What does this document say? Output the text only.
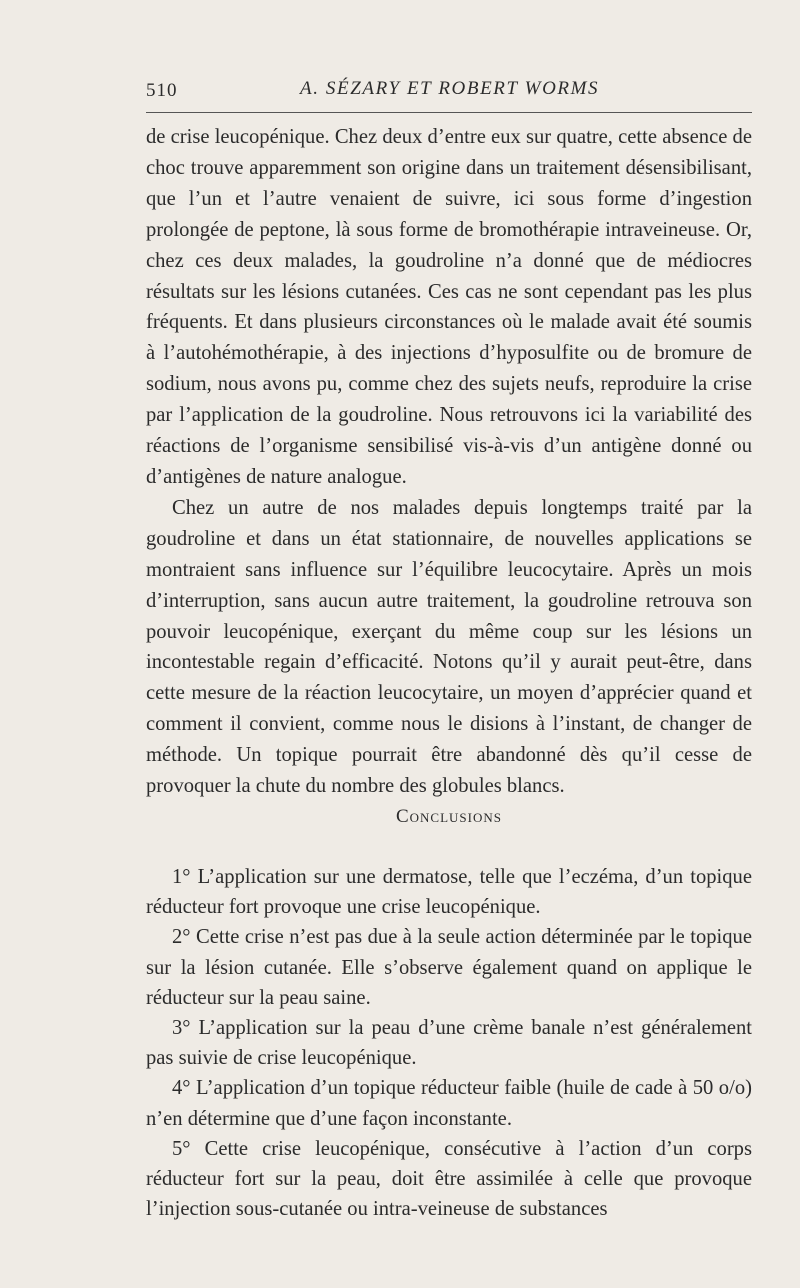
510	A. SÉZARY ET ROBERT WORMS

de crise leucopénique. Chez deux d’entre eux sur quatre, cette absence de choc trouve apparemment son origine dans un traitement désensibilisant, que l’un et l’autre venaient de suivre, ici sous forme d’ingestion prolongée de peptone, là sous forme de bromothérapie intraveineuse. Or, chez ces deux malades, la goudroline n’a donné que de médiocres résultats sur les lésions cutanées. Ces cas ne sont cependant pas les plus fréquents. Et dans plusieurs circonstances où le malade avait été soumis à l’autohémothérapie, à des injections d’hyposulfite ou de bromure de sodium, nous avons pu, comme chez des sujets neufs, reproduire la crise par l’application de la goudroline. Nous retrouvons ici la variabilité des réactions de l’organisme sensibilisé vis-à-vis d’un antigène donné ou d’antigènes de nature analogue.

Chez un autre de nos malades depuis longtemps traité par la goudroline et dans un état stationnaire, de nouvelles applications se montraient sans influence sur l’équilibre leucocytaire. Après un mois d’interruption, sans aucun autre traitement, la goudroline retrouva son pouvoir leucopénique, exerçant du même coup sur les lésions un incontestable regain d’efficacité. Notons qu’il y aurait peut-être, dans cette mesure de la réaction leucocytaire, un moyen d’apprécier quand et comment il convient, comme nous le disions à l’instant, de changer de méthode. Un topique pourrait être abandonné dès qu’il cesse de provoquer la chute du nombre des globules blancs.

Conclusions

1° L’application sur une dermatose, telle que l’eczéma, d’un topique réducteur fort provoque une crise leucopénique.

2° Cette crise n’est pas due à la seule action déterminée par le topique sur la lésion cutanée. Elle s’observe également quand on applique le réducteur sur la peau saine.

3° L’application sur la peau d’une crème banale n’est généralement pas suivie de crise leucopénique.

4° L’application d’un topique réducteur faible (huile de cade à 50 o/o) n’en détermine que d’une façon inconstante.

5° Cette crise leucopénique, consécutive à l’action d’un corps réducteur fort sur la peau, doit être assimilée à celle que provoque l’injection sous-cutanée ou intra-veineuse de substances
